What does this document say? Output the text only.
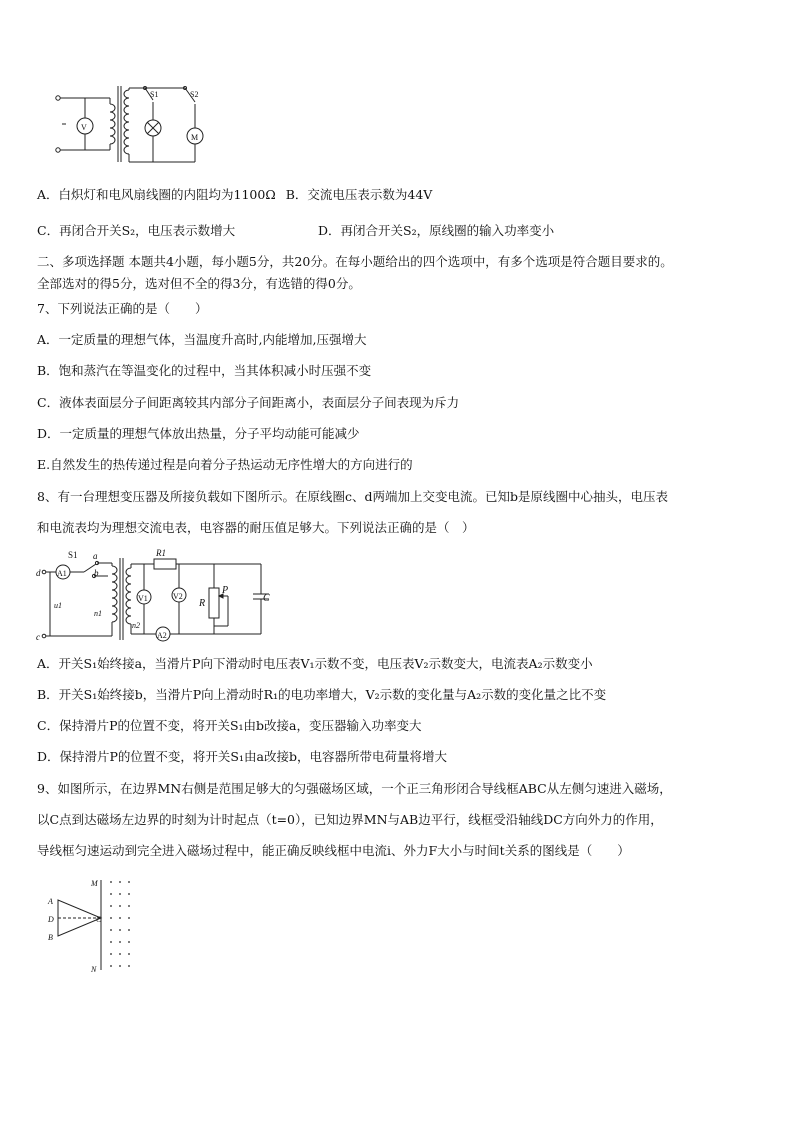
V
M
S1	S2
A．白炽灯和电风扇线圈的内阻均为1100Ω B．交流电压表示数为44V
C．再闭合开关S₂，电压表示数增大	D．再闭合开关S₂，原线圈的输入功率变小
二、多项选择题 本题共4小题，每小题5分，共20分。在每小题给出的四个选项中，有多个选项是符合题目要求的。
全部选对的得5分，选对但不全的得3分，有选错的得0分。
7、下列说法正确的是（　　）
A．一定质量的理想气体，当温度升高时,内能增加,压强增大
B．饱和蒸汽在等温变化的过程中，当其体积减小时压强不变
C．液体表面层分子间距离较其内部分子间距离小，表面层分子间表现为斥力
D．一定质量的理想气体放出热量，分子平均动能可能减少
E.自然发生的热传递过程是向着分子热运动无序性增大的方向进行的
8、有一台理想变压器及所接负载如下图所示。在原线圈c、d两端加上交变电流。已知b是原线圈中心抽头，电压表
和电流表均为理想交流电表，电容器的耐压值足够大。下列说法正确的是（　）
A1
A2
V1	V2
d
c
a
b
S1
u1
n1
n2
R1
R
P
C
A．开关S₁始终接a，当滑片P向下滑动时电压表V₁示数不变，电压表V₂示数变大，电流表A₂示数变小
B．开关S₁始终接b，当滑片P向上滑动时R₁的电功率增大，V₂示数的变化量与A₂示数的变化量之比不变
C．保持滑片P的位置不变，将开关S₁由b改接a，变压器输入功率变大
D．保持滑片P的位置不变，将开关S₁由a改接b，电容器所带电荷量将增大
9、如图所示，在边界MN右侧是范围足够大的匀强磁场区域，一个正三角形闭合导线框ABC从左侧匀速进入磁场，
以C点到达磁场左边界的时刻为计时起点（t=0），已知边界MN与AB边平行，线框受沿轴线DC方向外力的作用，
导线框匀速运动到完全进入磁场过程中，能正确反映线框中电流i、外力F大小与时间t关系的图线是（　　）
M
N
A
D
B
C
